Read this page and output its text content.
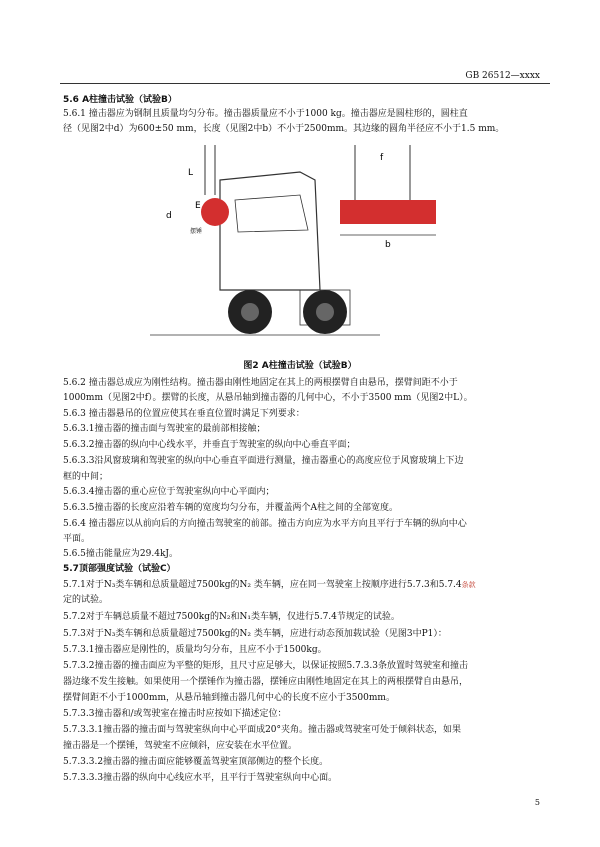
GB 26512—xxxx
5.6 A柱撞击试验（试验B）
5.6.1 撞击器应为钢制且质量均匀分布。撞击器质量应不小于1000 kg。撞击器应是圆柱形的，圆柱直
径（见图2中d）为600±50 mm，长度（见图2中b）不小于2500mm。其边缘的圆角半径应不小于1.5 mm。
L
d
E
摆锤
f
b
图2 A柱撞击试验（试验B）
5.6.2 撞击器总成应为刚性结构。撞击器由刚性地固定在其上的两根摆臂自由悬吊，摆臂间距不小于
1000mm（见图2中f）。摆臂的长度，从悬吊轴到撞击器的几何中心，不小于3500 mm（见图2中L）。
5.6.3 撞击器悬吊的位置应使其在垂直位置时满足下列要求：
5.6.3.1撞击器的撞击面与驾驶室的最前部相接触；
5.6.3.2撞击器的纵向中心线水平，并垂直于驾驶室的纵向中心垂直平面；
5.6.3.3沿风窗玻璃和驾驶室的纵向中心垂直平面进行测量，撞击器重心的高度应位于风窗玻璃上下边
框的中间；
5.6.3.4撞击器的重心应位于驾驶室纵向中心平面内；
5.6.3.5撞击器的长度应沿着车辆的宽度均匀分布，并覆盖两个A柱之间的全部宽度。
5.6.4 撞击器应以从前向后的方向撞击驾驶室的前部。撞击方向应为水平方向且平行于车辆的纵向中心
平面。
5.6.5撞击能量应为29.4kJ。
5.7顶部强度试验（试验C）
5.7.1对于N₃类车辆和总质量超过7500kg的N₂ 类车辆，应在同一驾驶室上按顺序进行5.7.3和5.7.4条款
定的试验。
5.7.2对于车辆总质量不超过7500kg的N₂和N₁类车辆，仅进行5.7.4节规定的试验。
5.7.3对于N₃类车辆和总质量超过7500kg的N₂ 类车辆，应进行动态预加载试验（见图3中P1）：
5.7.3.1撞击器应是刚性的，质量均匀分布，且应不小于1500kg。
5.7.3.2撞击器的撞击面应为平整的矩形，且尺寸应足够大，以保证按照5.7.3.3条放置时驾驶室和撞击
器边缘不发生接触。如果使用一个摆锤作为撞击器，摆锤应由刚性地固定在其上的两根摆臂自由悬吊，
摆臂间距不小于1000mm，从悬吊轴到撞击器几何中心的长度不应小于3500mm。
5.7.3.3撞击器和/或驾驶室在撞击时应按如下描述定位：
5.7.3.3.1撞击器的撞击面与驾驶室纵向中心平面成20°夹角。撞击器或驾驶室可处于倾斜状态，如果
撞击器是一个摆锤，驾驶室不应倾斜，应安装在水平位置。
5.7.3.3.2撞击器的撞击面应能够覆盖驾驶室顶部侧边的整个长度。
5.7.3.3.3撞击器的纵向中心线应水平，且平行于驾驶室纵向中心面。
5
